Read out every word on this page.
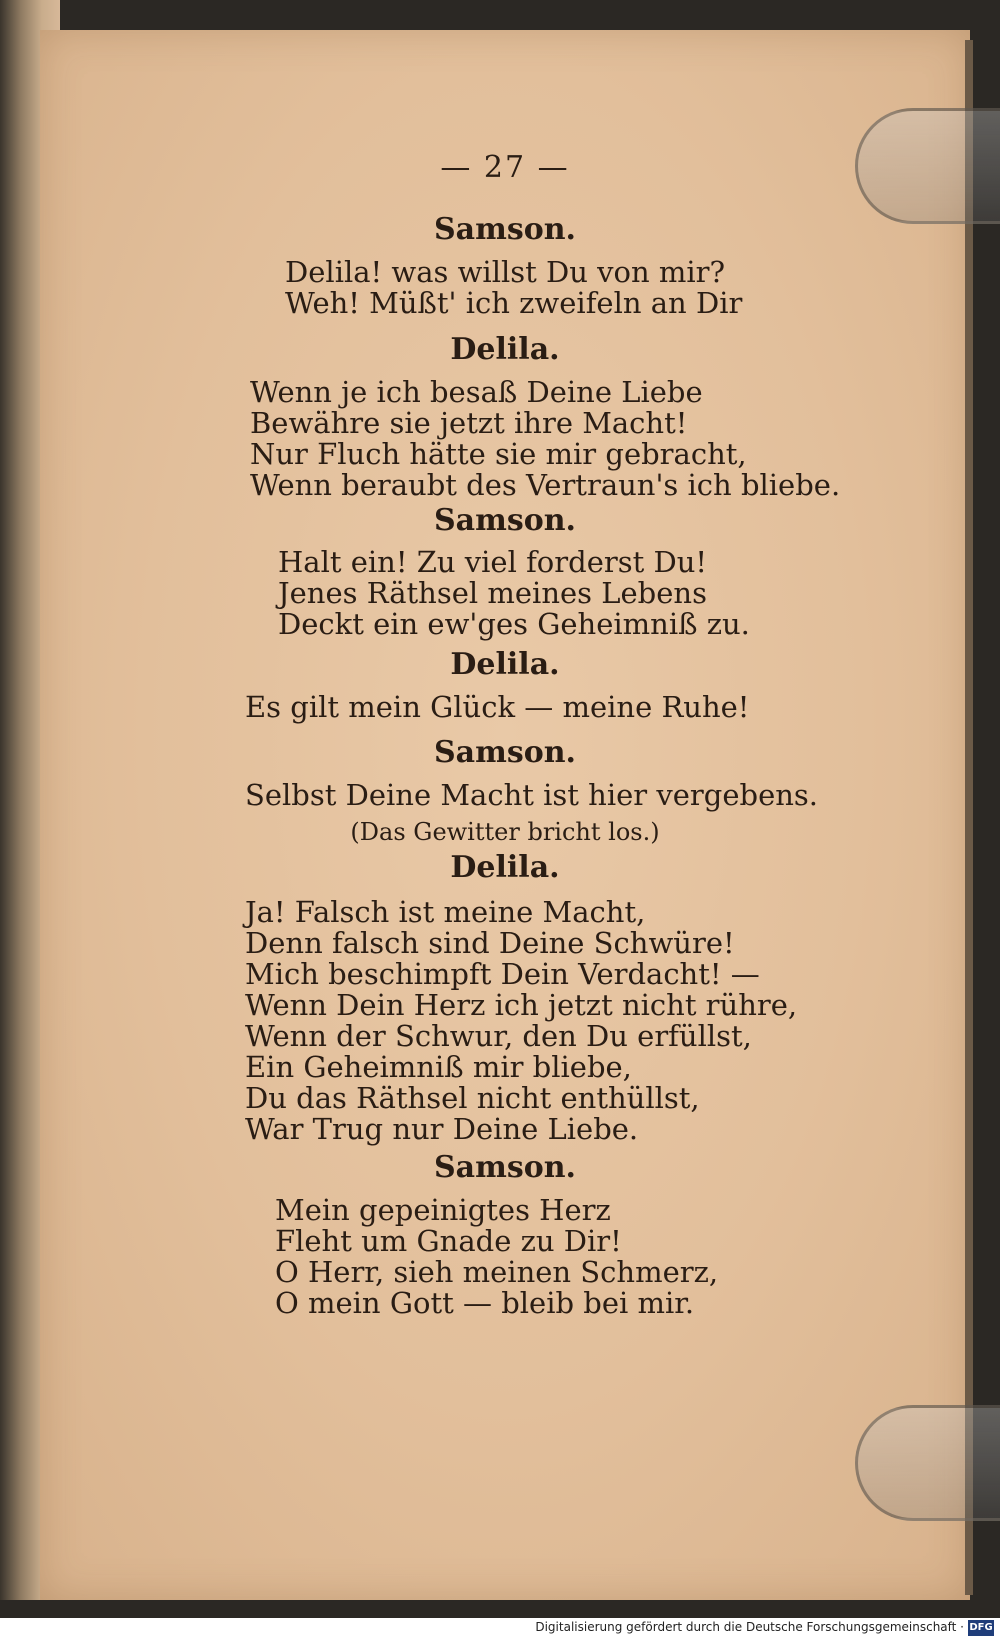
— 27 —
Samson.
Delila! was willst Du von mir?
Weh! Müßt' ich zweifeln an Dir
Delila.
Wenn je ich besaß Deine Liebe
Bewähre sie jetzt ihre Macht!
Nur Fluch hätte sie mir gebracht,
Wenn beraubt des Vertraun's ich bliebe.
Samson.
Halt ein! Zu viel forderst Du!
Jenes Räthsel meines Lebens
Deckt ein ew'ges Geheimniß zu.
Delila.
Es gilt mein Glück — meine Ruhe!
Samson.
Selbst Deine Macht ist hier vergebens.
(Das Gewitter bricht los.)
Delila.
Ja! Falsch ist meine Macht,
Denn falsch sind Deine Schwüre!
Mich beschimpft Dein Verdacht! —
Wenn Dein Herz ich jetzt nicht rühre,
Wenn der Schwur, den Du erfüllst,
Ein Geheimniß mir bliebe,
Du das Räthsel nicht enthüllst,
War Trug nur Deine Liebe.
Samson.
Mein gepeinigtes Herz
Fleht um Gnade zu Dir!
O Herr, sieh meinen Schmerz,
O mein Gott — bleib bei mir.
Digitalisierung gefördert durch die Deutsche Forschungsgemeinschaft · DFG
